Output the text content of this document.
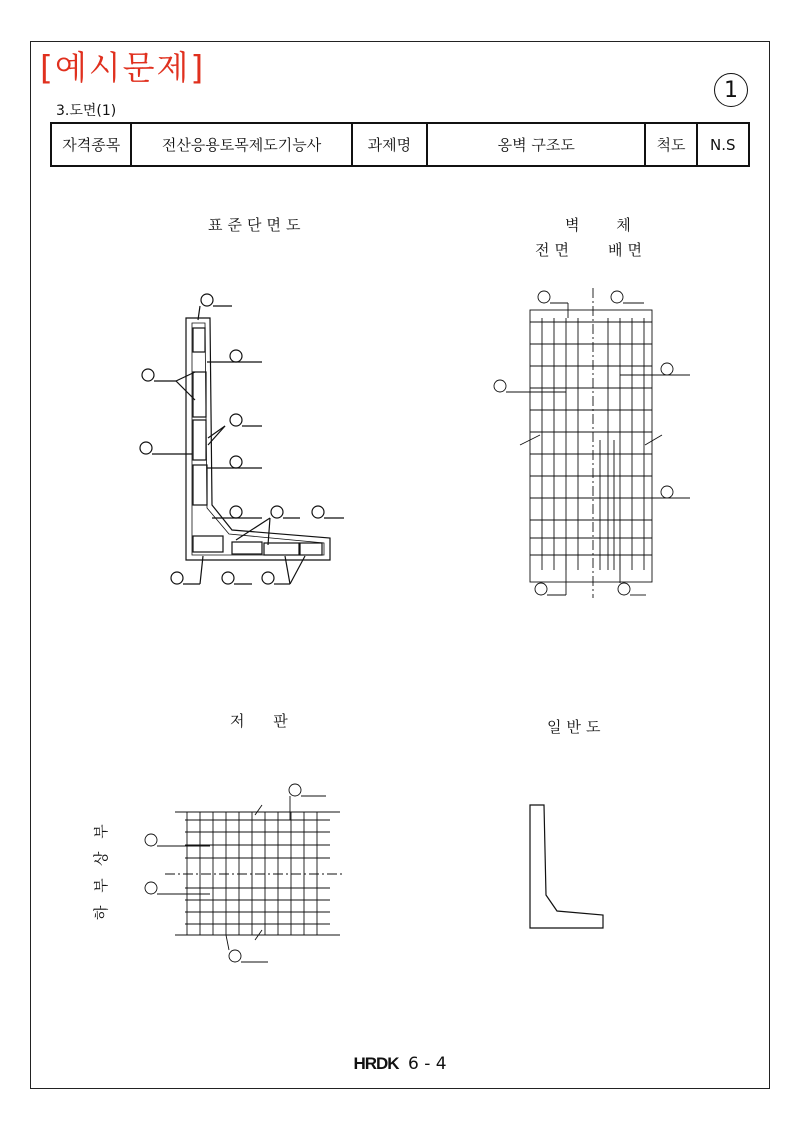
[예시문제]
3.도면(1)
1
자격종목	전산응용토목제도기능사	과제명	옹벽 구조도	척도	N.S
표준단면도	벽 체
전면 배면
저 판	일반도
하 부
상 부
HRDK 6 - 4
